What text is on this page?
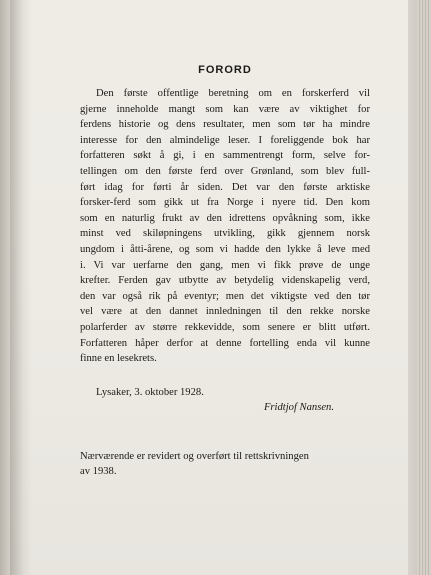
FORORD
Den første offentlige beretning om en forskerferd vil
gjerne inneholde mangt som kan være av viktighet for
ferdens historie og dens resultater, men som tør ha mindre
interesse for den almindelige leser. I foreliggende bok har
forfatteren søkt å gi, i en sammentrengt form, selve for-
tellingen om den første ferd over Grønland, som blev full-
ført idag for førti år siden. Det var den første arktiske
forsker-ferd som gikk ut fra Norge i nyere tid. Den kom
som en naturlig frukt av den idrettens opvåkning som, ikke
minst ved skiløpningens utvikling, gikk gjennem norsk
ungdom i åtti-årene, og som vi hadde den lykke å leve med
i. Vi var uerfarne den gang, men vi fikk prøve de unge
krefter. Ferden gav utbytte av betydelig videnskapelig verd,
den var også rik på eventyr; men det viktigste ved den tør
vel være at den dannet innledningen til den rekke norske
polarferder av større rekkevidde, som senere er blitt utført.
Forfatteren håper derfor at denne fortelling enda vil kunne
finne en lesekrets.
Lysaker, 3. oktober 1928.
Fridtjof Nansen.
Nærværende er revidert og overført til rettskrivningen
av 1938.
